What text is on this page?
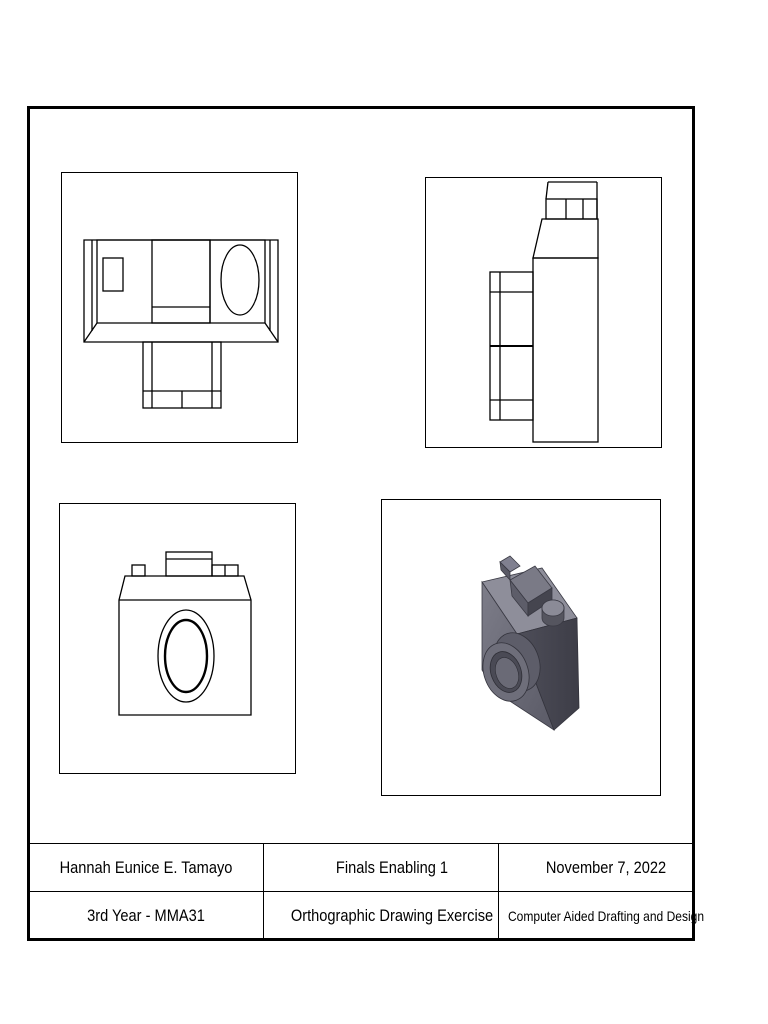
Hannah Eunice E. Tamayo	Finals Enabling 1	November 7, 2022
3rd Year - MMA31	Orthographic Drawing Exercise	Computer Aided Drafting and Design
